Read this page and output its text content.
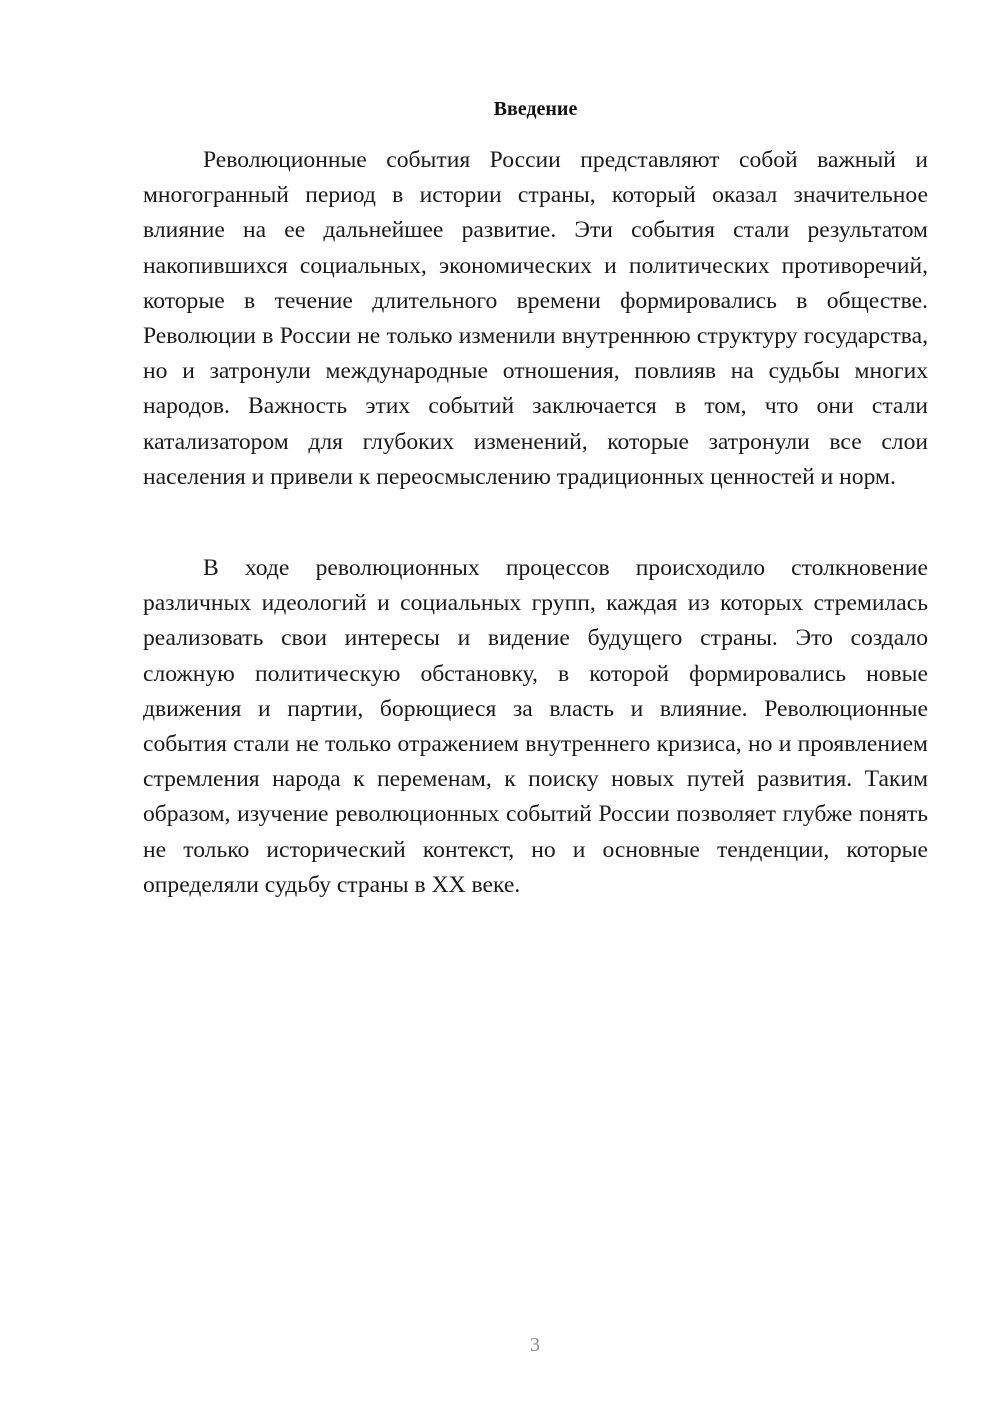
Введение

Революционные события России представляют собой важный и многогранный период в истории страны, который оказал значительное влияние на ее дальнейшее развитие. Эти события стали результатом накопившихся социальных, экономических и политических противоречий, которые в течение длительного времени формировались в обществе. Революции в России не только изменили внутреннюю структуру государства, но и затронули международные отношения, повлияв на судьбы многих народов. Важность этих событий заключается в том, что они стали катализатором для глубоких изменений, которые затронули все слои населения и привели к переосмыслению традиционных ценностей и норм.

В ходе революционных процессов происходило столкновение различных идеологий и социальных групп, каждая из которых стремилась реализовать свои интересы и видение будущего страны. Это создало сложную политическую обстановку, в которой формировались новые движения и партии, борющиеся за власть и влияние. Революционные события стали не только отражением внутреннего кризиса, но и проявлением стремления народа к переменам, к поиску новых путей развития. Таким образом, изучение революционных событий России позволяет глубже понять не только исторический контекст, но и основные тенденции, которые определяли судьбу страны в XX веке.

3
